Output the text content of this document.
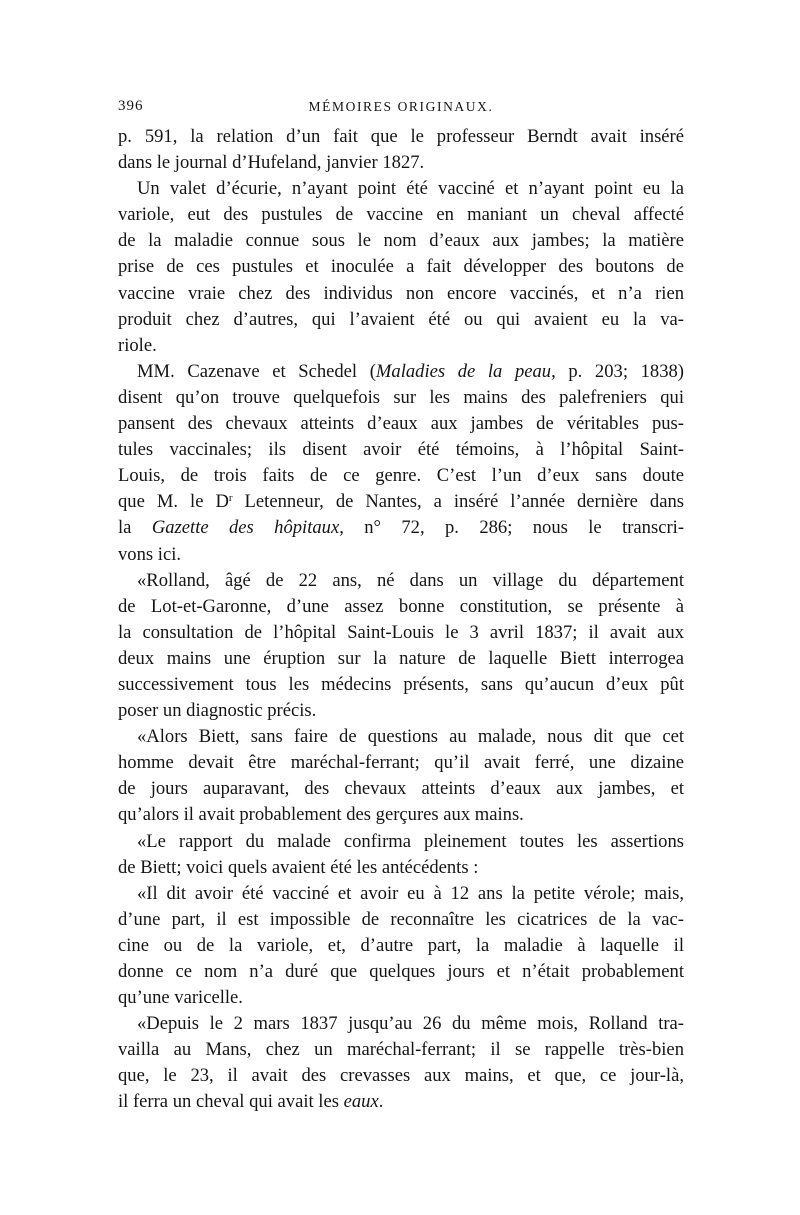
396	MÉMOIRES ORIGINAUX.
p. 591, la relation d’un fait que le professeur Berndt avait inséré
dans le journal d’Hufeland, janvier 1827.
Un valet d’écurie, n’ayant point été vacciné et n’ayant point eu la
variole, eut des pustules de vaccine en maniant un cheval affecté
de la maladie connue sous le nom d’eaux aux jambes; la matière
prise de ces pustules et inoculée a fait développer des boutons de
vaccine vraie chez des individus non encore vaccinés, et n’a rien
produit chez d’autres, qui l’avaient été ou qui avaient eu la va-
riole.
MM. Cazenave et Schedel (Maladies de la peau, p. 203; 1838)
disent qu’on trouve quelquefois sur les mains des palefreniers qui
pansent des chevaux atteints d’eaux aux jambes de véritables pus-
tules vaccinales; ils disent avoir été témoins, à l’hôpital Saint-
Louis, de trois faits de ce genre. C’est l’un d’eux sans doute
que M. le $D^r$ Letenneur, de Nantes, a inséré l’année dernière dans
la Gazette des hôpitaux, n° 72, p. 286; nous le transcri-
vons ici.
«Rolland, âgé de 22 ans, né dans un village du département
de Lot-et-Garonne, d’une assez bonne constitution, se présente à
la consultation de l’hôpital Saint-Louis le 3 avril 1837; il avait aux
deux mains une éruption sur la nature de laquelle Biett interrogea
successivement tous les médecins présents, sans qu’aucun d’eux pût
poser un diagnostic précis.
«Alors Biett, sans faire de questions au malade, nous dit que cet
homme devait être maréchal-ferrant; qu’il avait ferré, une dizaine
de jours auparavant, des chevaux atteints d’eaux aux jambes, et
qu’alors il avait probablement des gerçures aux mains.
«Le rapport du malade confirma pleinement toutes les assertions
de Biett; voici quels avaient été les antécédents :
«Il dit avoir été vacciné et avoir eu à 12 ans la petite vérole; mais,
d’une part, il est impossible de reconnaître les cicatrices de la vac-
cine ou de la variole, et, d’autre part, la maladie à laquelle il
donne ce nom n’a duré que quelques jours et n’était probablement
qu’une varicelle.
«Depuis le 2 mars 1837 jusqu’au 26 du même mois, Rolland tra-
vailla au Mans, chez un maréchal-ferrant; il se rappelle très-bien
que, le 23, il avait des crevasses aux mains, et que, ce jour-là,
il ferra un cheval qui avait les eaux.
